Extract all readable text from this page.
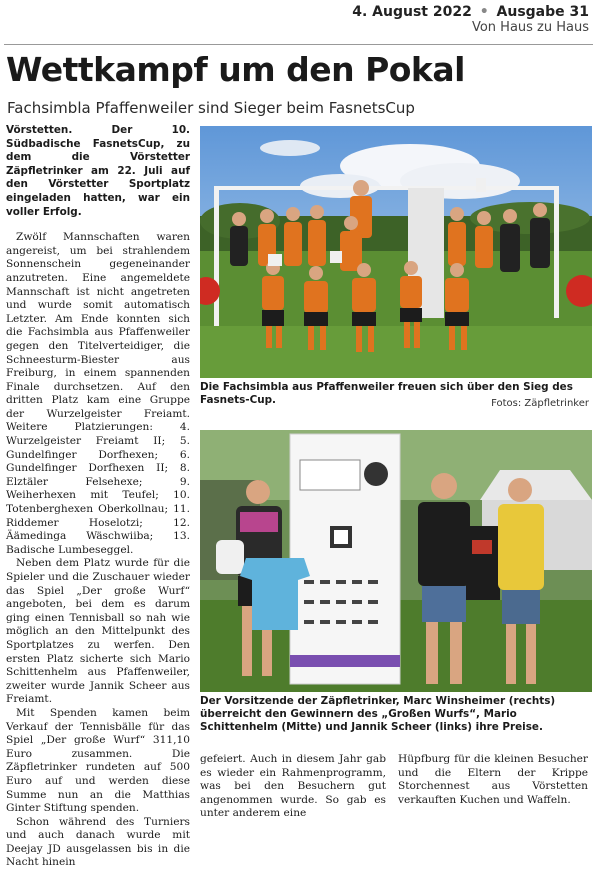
4. August 2022 • Ausgabe 31
Von Haus zu Haus
Wettkampf um den Pokal
Fachsimbla Pfaffenweiler sind Sieger beim FasnetsCup

Vörstetten. Der 10. Südbadische FasnetsCup, zu dem die Vörstetter Zäpfletrinker am 22. Juli auf den Vörstetter Sportplatz eingeladen hatten, war ein voller Erfolg.

Zwölf Mannschaften waren angereist, um bei strahlendem Sonnenschein gegeneinander anzutreten. Eine angemeldete Mannschaft ist nicht angetreten und wurde somit automatisch Letzter. Am Ende konnten sich die Fachsimbla aus Pfaffenweiler gegen den Titelverteidiger, die Schneesturm-Biester aus Freiburg, in einem spannenden Finale durchsetzen. Auf den dritten Platz kam eine Gruppe der Wurzelgeister Freiamt. Weitere Platzierungen: 4. Wurzelgeister Freiamt II; 5. Gundelfinger Dorfhexen; 6. Gundelfinger Dorfhexen II; 8. Elztäler Felsehexe; 9. Weiherhexen mit Teufel; 10. Totenberghexen Oberkollnau; 11. Riddemer Hoselotzi; 12. Äämedinga Wäschwiiba; 13. Badische Lumbeseggel.

Neben dem Platz wurde für die Spieler und die Zuschauer wieder das Spiel „Der große Wurf“ angeboten, bei dem es darum ging einen Tennisball so nah wie möglich an den Mittelpunkt des Sportplatzes zu werfen. Den ersten Platz sicherte sich Mario Schittenhelm aus Pfaffenweiler, zweiter wurde Jannik Scheer aus Freiamt.

Mit Spenden kamen beim Verkauf der Tennisbälle für das Spiel „Der große Wurf“ 311,10 Euro zusammen. Die Zäpfletrinker rundeten auf 500 Euro auf und werden diese Summe nun an die Matthias Ginter Stiftung spenden.

Schon während des Turniers und auch danach wurde mit Deejay JD ausgelassen bis in die Nacht hinein

Die Fachsimbla aus Pfaffenweiler freuen sich über den Sieg des Fasnets-Cup.	Fotos: Zäpfletrinker
Der Vorsitzende der Zäpfletrinker, Marc Winsheimer (rechts) überreicht den Gewinnern des „Großen Wurfs“, Mario Schittenhelm (Mitte) und Jannik Scheer (links) ihre Preise.
gefeiert. Auch in diesem Jahr gab es wieder ein Rahmenprogramm, was bei den Besuchern gut angenommen wurde. So gab es unter anderem eine
Hüpfburg für die kleinen Besucher und die Eltern der Krippe Storchennest aus Vörstetten verkauften Kuchen und Waffeln.
